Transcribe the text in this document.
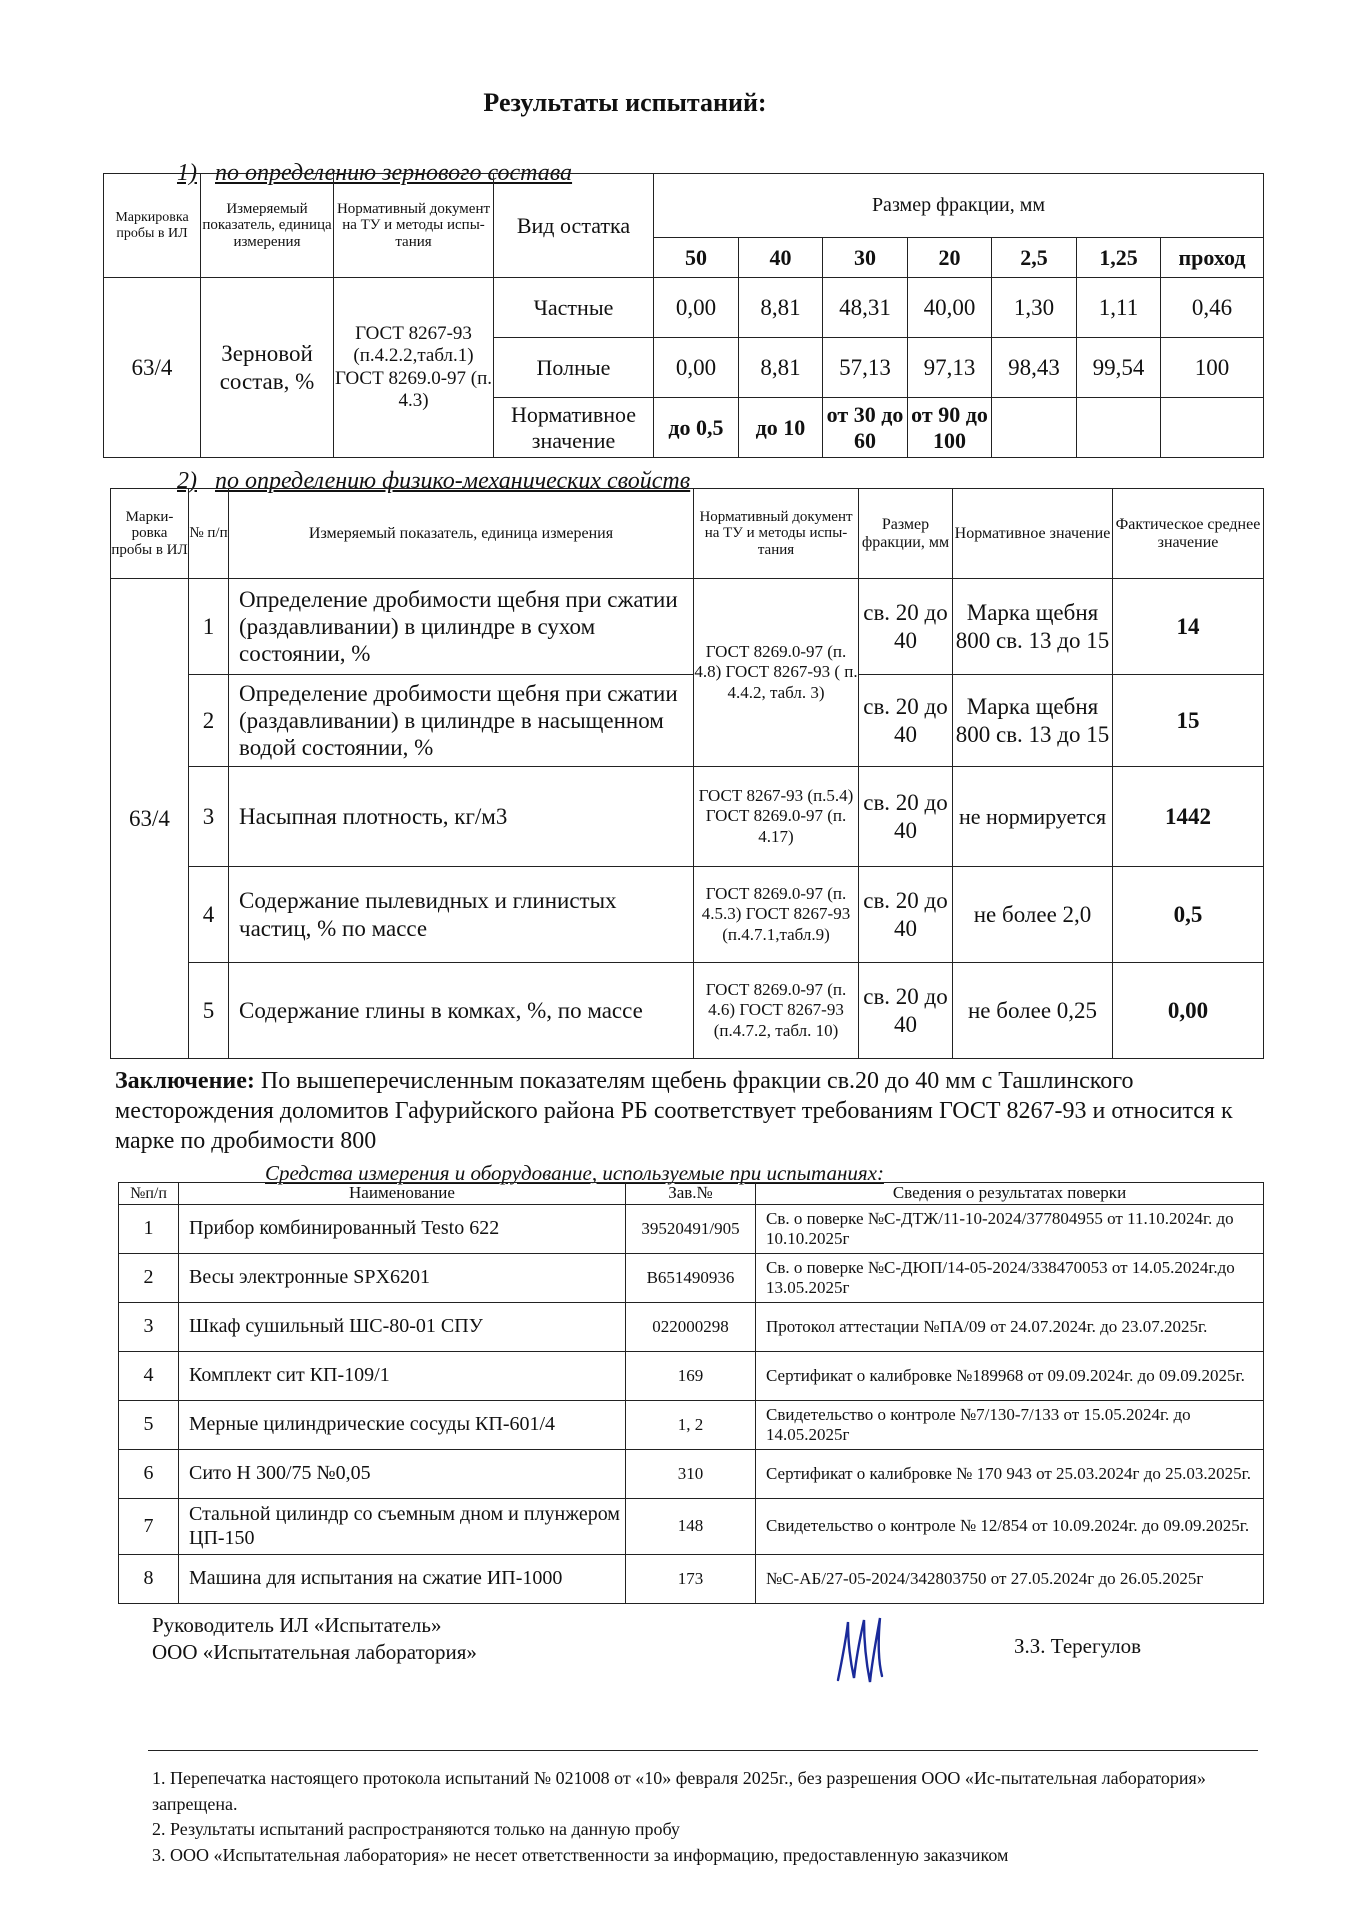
Результаты испытаний:
1) по определению зернового состава
Маркировка пробы в ИЛ	Измеряемый показатель, единица измерения	Нормативный документ на ТУ и методы испы-тания	Вид остатка	Размер фракции, мм						
				50	40	30	20	2,5	1,25	проход
63/4	Зерновой состав, %	ГОСТ 8267-93 (п.4.2.2,табл.1) ГОСТ 8269.0-97 (п. 4.3)	Частные	0,00	8,81	48,31	40,00	1,30	1,11	0,46
			Полные	0,00	8,81	57,13	97,13	98,43	99,54	100
			Нормативное значение	до 0,5	до 10	от 30 до 60	от 90 до 100			
2) по определению физико-механических свойств
Марки-ровка пробы в ИЛ	№ п/п	Измеряемый показатель, единица измерения	Нормативный документ на ТУ и методы испы-тания	Размер фракции, мм	Нормативное значение	Фактическое среднее значение
63/4	1	Определение дробимости щебня при сжатии (раздавливании) в цилиндре в сухом состоянии, %	ГОСТ 8269.0-97 (п. 4.8) ГОСТ 8267-93 ( п. 4.4.2, табл. 3)	св. 20 до 40	Марка щебня 800 св. 13 до 15	14
	2	Определение дробимости щебня при сжатии (раздавливании) в цилиндре в насыщенном водой состоянии, %		св. 20 до 40	Марка щебня 800 св. 13 до 15	15
	3	Насыпная плотность, кг/м3	ГОСТ 8267-93 (п.5.4) ГОСТ 8269.0-97 (п. 4.17)	св. 20 до 40	не нормируется	1442
	4	Содержание пылевидных и глинистых частиц, % по массе	ГОСТ 8269.0-97 (п. 4.5.3) ГОСТ 8267-93 (п.4.7.1,табл.9)	св. 20 до 40	не более 2,0	0,5
	5	Содержание глины в комках, %, по массе	ГОСТ 8269.0-97 (п. 4.6) ГОСТ 8267-93 (п.4.7.2, табл. 10)	св. 20 до 40	не более 0,25	0,00
Заключение: По вышеперечисленным показателям щебень фракции св.20 до 40 мм с Ташлинского месторождения доломитов Гафурийского района РБ соответствует требованиям ГОСТ 8267-93 и относится к марке по дробимости 800
Средства измерения и оборудование, используемые при испытаниях:
№п/п	Наименование	Зав.№	Сведения о результатах поверки
1	Прибор комбинированный Testo 622	39520491/905	Св. о поверке №С-ДТЖ/11-10-2024/377804955 от 11.10.2024г. до 10.10.2025г
2	Весы электронные SPX6201	B651490936	Св. о поверке №С-ДЮП/14-05-2024/338470053 от 14.05.2024г.до 13.05.2025г
3	Шкаф сушильный ШС-80-01 СПУ	022000298	Протокол аттестации №ПА/09 от 24.07.2024г. до 23.07.2025г.
4	Комплект сит КП-109/1	169	Сертификат о калибровке №189968 от 09.09.2024г. до 09.09.2025г.
5	Мерные цилиндрические сосуды КП-601/4	1, 2	Свидетельство о контроле №7/130-7/133 от 15.05.2024г. до 14.05.2025г
6	Сито Н 300/75 №0,05	310	Сертификат о калибровке № 170 943 от 25.03.2024г до 25.03.2025г.
7	Стальной цилиндр со съемным дном и плунжером ЦП-150	148	Свидетельство о контроле № 12/854 от 10.09.2024г. до 09.09.2025г.
8	Машина для испытания на сжатие ИП-1000	173	№С-АБ/27-05-2024/342803750 от 27.05.2024г до 26.05.2025г
Руководитель ИЛ «Испытатель»
ООО «Испытательная лаборатория»	З.З. Терегулов
1. Перепечатка настоящего протокола испытаний № 021008 от «10» февраля 2025г., без разрешения ООО «Ис-пытательная лаборатория» запрещена.
2. Результаты испытаний распространяются только на данную пробу
3. ООО «Испытательная лаборатория» не несет ответственности за информацию, предоставленную заказчиком
